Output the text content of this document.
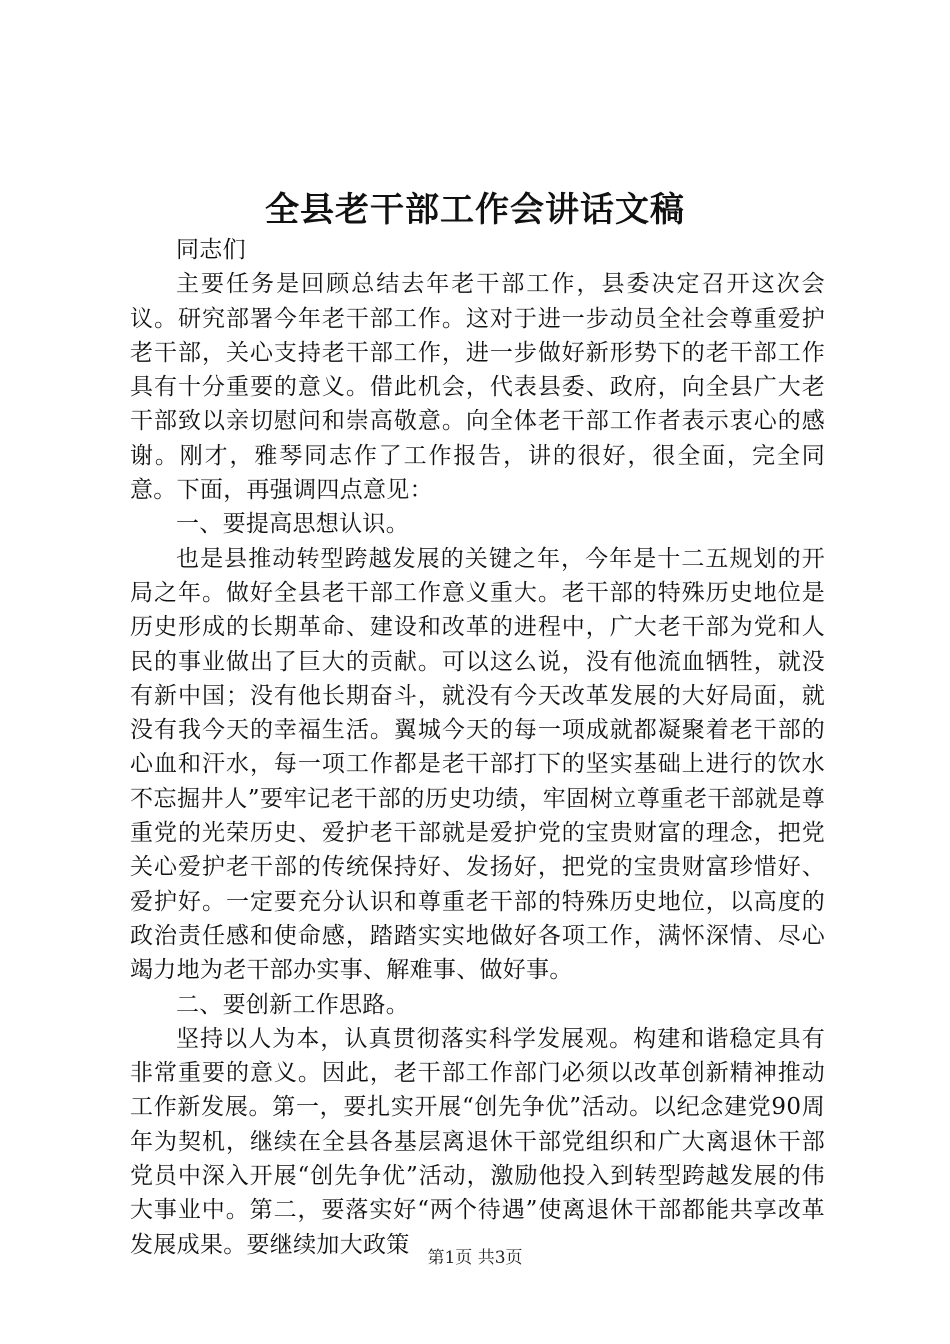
全县老干部工作会讲话文稿

同志们

主要任务是回顾总结去年老干部工作，县委决定召开这次会议。研究部署今年老干部工作。这对于进一步动员全社会尊重爱护老干部，关心支持老干部工作，进一步做好新形势下的老干部工作具有十分重要的意义。借此机会，代表县委、政府，向全县广大老干部致以亲切慰问和崇高敬意。向全体老干部工作者表示衷心的感谢。刚才，雅琴同志作了工作报告，讲的很好，很全面，完全同意。下面，再强调四点意见：

一、要提高思想认识。

也是县推动转型跨越发展的关键之年，今年是十二五规划的开局之年。做好全县老干部工作意义重大。老干部的特殊历史地位是历史形成的长期革命、建设和改革的进程中，广大老干部为党和人民的事业做出了巨大的贡献。可以这么说，没有他流血牺牲，就没有新中国；没有他长期奋斗，就没有今天改革发展的大好局面，就没有我今天的幸福生活。翼城今天的每一项成就都凝聚着老干部的心血和汗水，每一项工作都是老干部打下的坚实基础上进行的饮水不忘掘井人”要牢记老干部的历史功绩，牢固树立尊重老干部就是尊重党的光荣历史、爱护老干部就是爱护党的宝贵财富的理念，把党关心爱护老干部的传统保持好、发扬好，把党的宝贵财富珍惜好、爱护好。一定要充分认识和尊重老干部的特殊历史地位，以高度的政治责任感和使命感，踏踏实实地做好各项工作，满怀深情、尽心竭力地为老干部办实事、解难事、做好事。

二、要创新工作思路。

坚持以人为本，认真贯彻落实科学发展观。构建和谐稳定具有非常重要的意义。因此，老干部工作部门必须以改革创新精神推动工作新发展。第一，要扎实开展“创先争优”活动。以纪念建党90周年为契机，继续在全县各基层离退休干部党组织和广大离退休干部党员中深入开展“创先争优”活动，激励他投入到转型跨越发展的伟大事业中。第二，要落实好“两个待遇”使离退休干部都能共享改革发展成果。要继续加大政策

第1页 共3页
